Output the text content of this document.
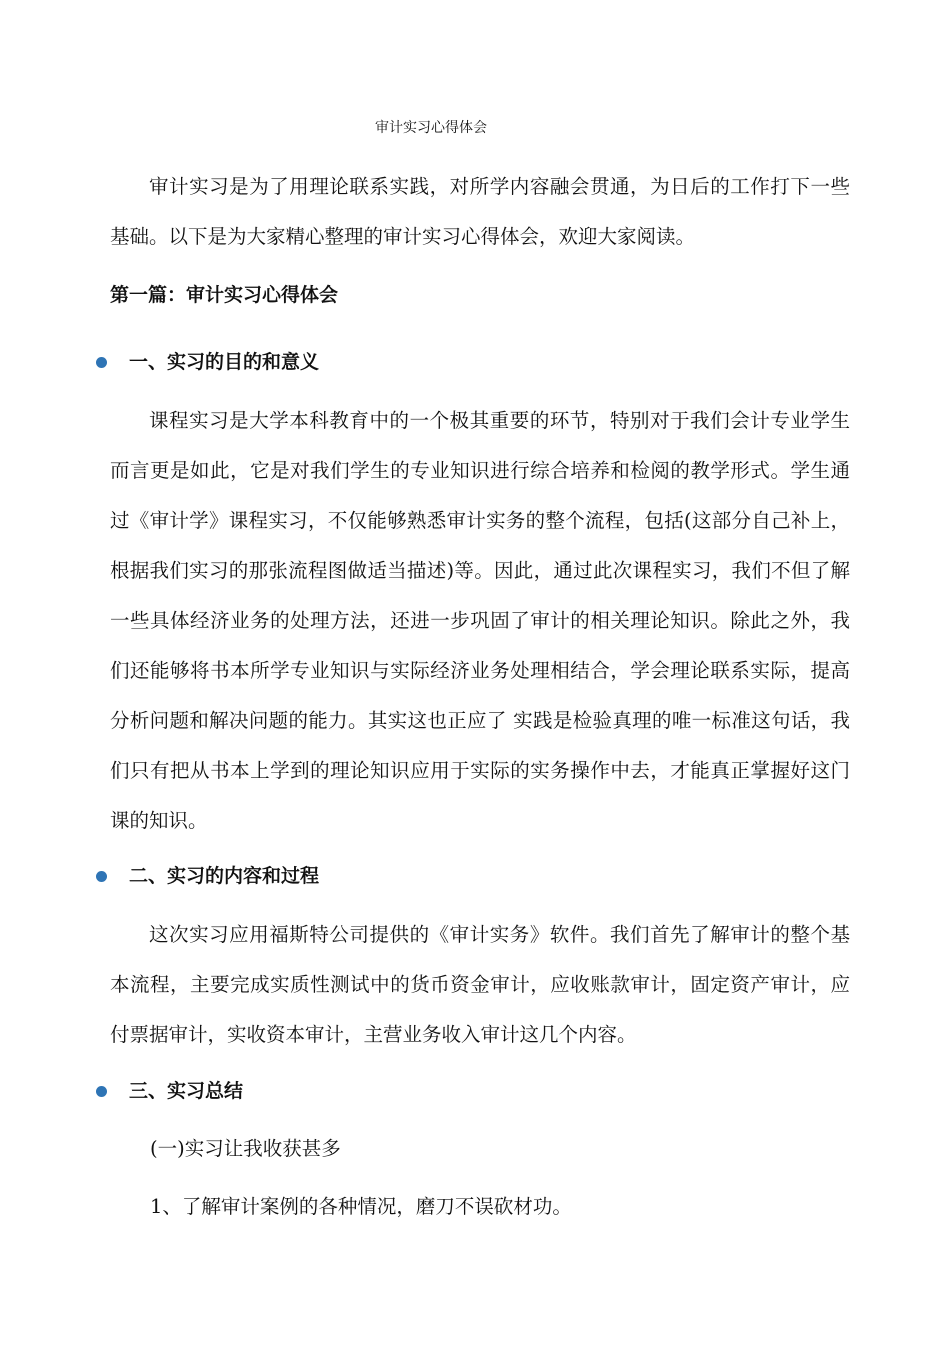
审计实习心得体会

审计实习是为了用理论联系实践，对所学内容融会贯通，为日后的工作打下一些基础。以下是为大家精心整理的审计实习心得体会，欢迎大家阅读。

第一篇：审计实习心得体会
一、实习的目的和意义

课程实习是大学本科教育中的一个极其重要的环节，特别对于我们会计专业学生而言更是如此，它是对我们学生的专业知识进行综合培养和检阅的教学形式。学生通过《审计学》课程实习，不仅能够熟悉审计实务的整个流程，包括(这部分自己补上，根据我们实习的那张流程图做适当描述)等。因此，通过此次课程实习，我们不但了解一些具体经济业务的处理方法，还进一步巩固了审计的相关理论知识。除此之外，我们还能够将书本所学专业知识与实际经济业务处理相结合，学会理论联系实际，提高分析问题和解决问题的能力。其实这也正应了 实践是检验真理的唯一标准这句话，我们只有把从书本上学到的理论知识应用于实际的实务操作中去，才能真正掌握好这门课的知识。

二、实习的内容和过程

这次实习应用福斯特公司提供的《审计实务》软件。我们首先了解审计的整个基本流程，主要完成实质性测试中的货币资金审计，应收账款审计，固定资产审计，应付票据审计，实收资本审计，主营业务收入审计这几个内容。

三、实习总结
(一)实习让我收获甚多
1、了解审计案例的各种情况，磨刀不误砍材功。
